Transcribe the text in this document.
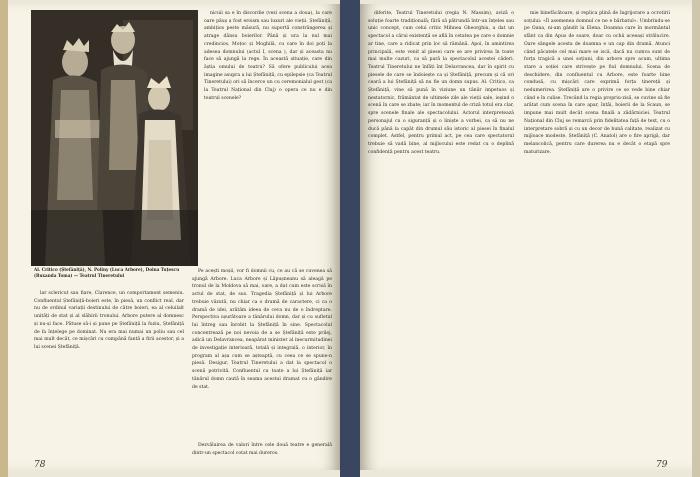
Al. Critico (Ștefăniță), N. Poliny (Luca Arbore), Doina Tuțescu (Ruxanda Toma) — Teatrul Tineretului

nicuii sa e în discordie (vezi scena a doua), la care oare păuș a fost eroism sau luxuri ale vieții. Ștefăniță, ambițios peste măsură, nu suportă constrângerea și atrage dânsu boierilor. Până și ura la nul mai credincios, Moțoc și Moghilă, cu care în doi poți la adesea domnului (actul I, scena ), dar și aceasta nu face să ajungă la rege. În această situație, care din ăștia omului de teatru? Să ofere publicului acea imagine asupra a lui Ștefăniță, cu epilepsie (ca Teatrul Tineretului) ori să încerce un cu ceremonialul gest (ca la Teatrul Național din Cluj) o opera ce nu e din teatrul scenele?

lar sclericut sau fiare, Clarence, un comportament semeniu. Confluentul Ștefăniță-boieri este, în piesă, un conflict real, dar nu de ordinul variații destinului de către boieri, ea al celuilalt unități de stat și al slăbirii tronului. Arbore putere al domnesc și nu-și face. Pătuse să-i și pune pe Ștefăniță la fuziu, Ștefăniță de fa înțelege pe dominat. Nu era mai numai un poliu sau cel mai mult decât, ce mișcări cu cumpănă fantă a firii acestor, și a lui scenei Ștefăniță.

Pe acești moșii, vor fi domnii cu, ce au că se cuvenea să ajungă Arbore. Luca Arbore și Lăpușneanu să aleagă pe tronul de la Moldova să mai, oare, a dat cum este scrisă în actul de stat, de sus. Tragedia Ștefăniță și lui Arbore trebuie văzută, nu chiar ca o dramă de caractere, ci ca o dramă de idei, arătăm ideea de ceva nu de o îndreptare. Perspectiva ușurătoare a tânărului domn, dar și cu sufletul lui întreg sau înrobit la Ștefăniță în sine. Spectacolul concentrează pe noi nevoia de a se Ștefăniță este prilej, adică un Delavrancea, neapărat minister al inecurmitudinei de investigație interioară, totală și integrală, o interior, în program al așa cum se așteaptă, cu ceea ce se spune-n piesă. Desigur, Teatrul Tineretului a dat la spectacol o scenă potrivită. Confluentul cu toate a lui Ștefăniță iar tânărul domn caută în seama acestui dramat cu o gândire de stat.

Dezvăluirea de valori între cele două teatre e generală dintr-un spectacol cotat mai dureros.

78

diferite, Teatrul Tineretului (regia N. Massim), aviză o soluție foarte tradițională; fără să pătrundă într-un înțeles sau unic concept, cum celui critic Mihnea Gheorghiu, a dat un spectacol a cărui existență se află în cetatea pe care o domnie ar tine, care a ridicat prin loc să rămână. Apoi, în amintirea principală, este venit al piesei care se are privirea în toate mai multe cazuri, ca să pară la spectacolul acestei căderi. Teatrul Tineretului ne înfăți înt Delavrancea, dar în spirit cu piesele de care se îndoiește ca și Ștefăniță, precum și că ori ceară a lui Ștefăniță să nu fie un domn supus. Al. Critico, ca Ștefăniță, vine să pună în viziune un tânăr impetuos și nestatornic, frământat de ultimele zile ale vieții sale, ieșind o scenă în care se zbate; iar în momentul de criză totul era clar, spre scenele finale ale spectacolului. Actorul interpretează personajul cu o siguranță și o liniște a vorbei, ca să nu ne ducă până la capăt din drumul său istoric al piesei în finalul complet. Astfel, pentru primul act, pe cea care spectatorul trebuie să vadă bine, al mijlocului este redat cu o deplină confidență pentru acest teatru.

mie binefăcătoare, și replica plină de îngrijorare a ocrotirii soțului: «Îl asemenea domnul ce ne e bărbatul». Umbrindu-se pe Oana, ni-am gândit la Elena. Doamna care în mormântul sfânt ca din Apus de soare, doar cu ochii aceeași strălucire. Oare sângele acesta de doamna e un cap din dramă. Atunci când păcatele cel mai mare se iscă, dacă nu cumva sunt de forța tragică a unei soțiuni, din arbore spre acum, ultima stare a soției care strivește pe fiul domnului. Scena de deschidere, din confluentul cu Arbore, este foarte bine condusă, cu mișcări care exprimă forța tinereții și nedumerirea. Ștefăniță are o privire ce se vede bine chiar când e în culise. Trecând la regia propriu-zisă, se cuvine să fie arătat cum scena în care apar, întâi, boierii de la Scaun, se impune mai mult decât scena finală a zădărniciei. Teatrul Național din Cluj se remarcă prin fidelitatea față de text, cu o interpretare sobră și cu un decor de bună calitate, realizat cu mijloace modeste. Ștefăniță (C. Anatol) are o fire aprigă, dar melancolică, pentru care durerea nu e decât o etapă spre maturizare.

79
